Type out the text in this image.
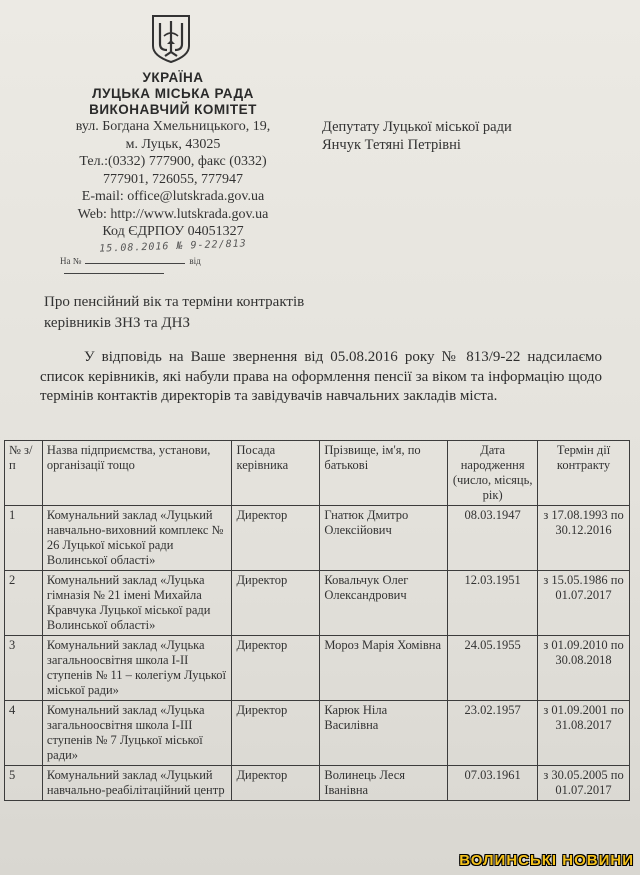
УКРАЇНА
ЛУЦЬКА МІСЬКА РАДА
ВИКОНАВЧИЙ КОМІТЕТ
вул. Богдана Хмельницького, 19,
м. Луцьк, 43025
Тел.:(0332) 777900, факс (0332)
777901, 726055, 777947
E-mail: office@lutskrada.gov.ua
Web: http://www.lutskrada.gov.ua
Код ЄДРПОУ 04051327
15.08.2016 № 9-22/813
На №	від
Депутату Луцької міської ради
Янчук Тетяні Петрівні
Про пенсійний вік та терміни контрактів
керівників ЗНЗ та ДНЗ
У відповідь на Ваше звернення від 05.08.2016 року № 813/9-22 надсилаємо список керівників, які набули права на оформлення пенсії за віком та інформацію щодо термінів контактів директорів та завідувачів навчальних закладів міста.
№ з/п	Назва підприємства, установи, організації тощо	Посада керівника	Прізвище, ім'я, по батькові	Дата народження (число, місяць, рік)	Термін дії контракту
1	Комунальний заклад «Луцький навчально-виховний комплекс № 26 Луцької міської ради Волинської області»	Директор	Гнатюк Дмитро Олексійович	08.03.1947	з 17.08.1993 по 30.12.2016
2	Комунальний заклад «Луцька гімназія № 21 імені Михайла Кравчука Луцької міської ради Волинської області»	Директор	Ковальчук Олег Олександрович	12.03.1951	з 15.05.1986 по 01.07.2017
3	Комунальний заклад «Луцька загальноосвітня школа І-ІІ ступенів № 11 – колегіум Луцької міської ради»	Директор	Мороз Марія Хомівна	24.05.1955	з 01.09.2010 по 30.08.2018
4	Комунальний заклад «Луцька загальноосвітня школа І-ІІІ ступенів № 7 Луцької міської ради»	Директор	Карюк Ніла Василівна	23.02.1957	з 01.09.2001 по 31.08.2017
5	Комунальний заклад «Луцький навчально-реабілітаційний центр	Директор	Волинець Леся Іванівна	07.03.1961	з 30.05.2005 по 01.07.2017
ВОЛИНСЬКІ НОВИНИ
